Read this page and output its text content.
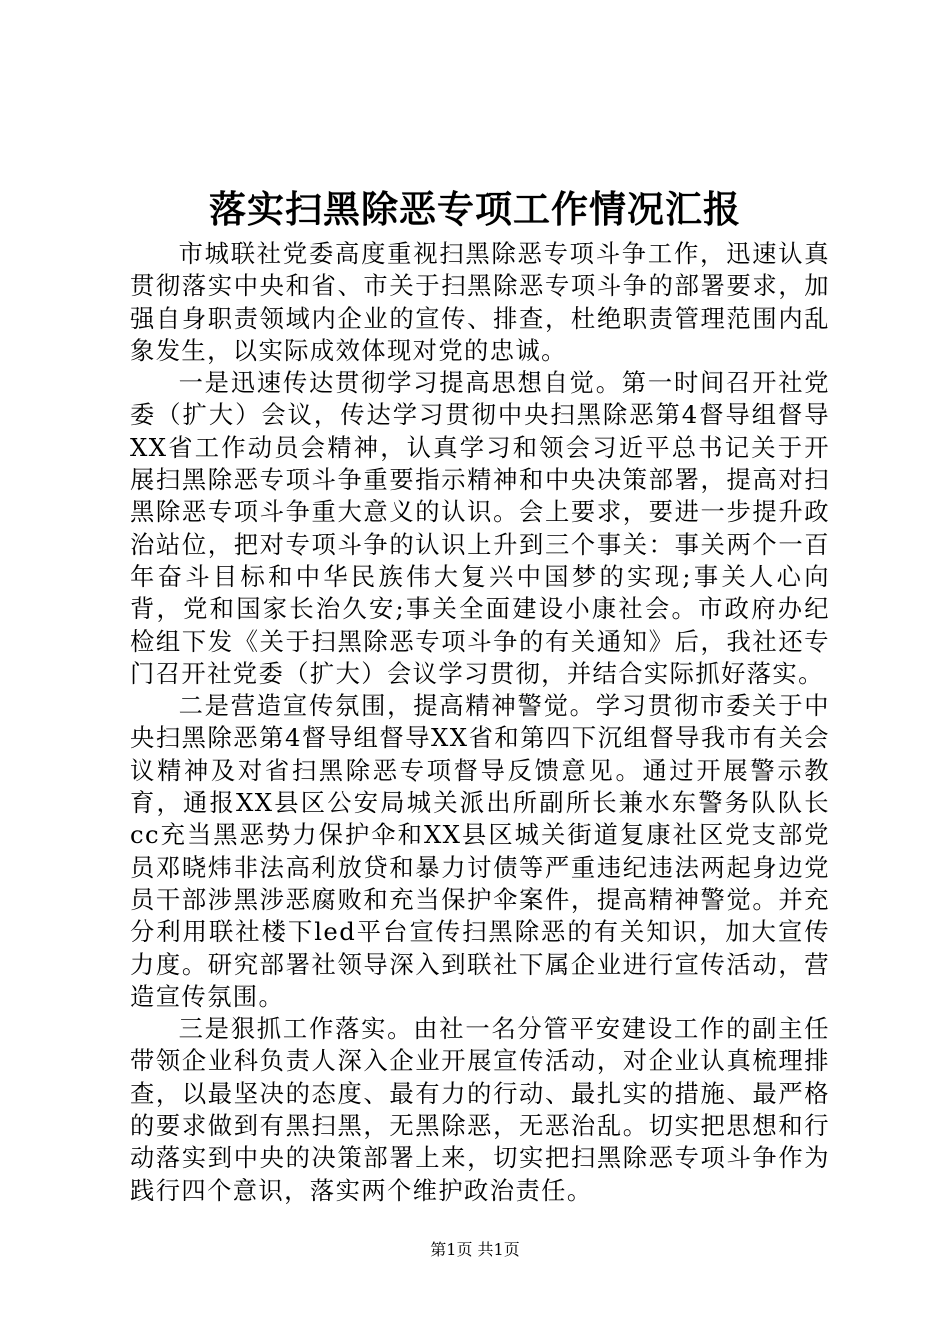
落实扫黑除恶专项工作情况汇报

市城联社党委高度重视扫黑除恶专项斗争工作，迅速认真贯彻落实中央和省、市关于扫黑除恶专项斗争的部署要求，加强自身职责领域内企业的宣传、排查，杜绝职责管理范围内乱象发生，以实际成效体现对党的忠诚。

一是迅速传达贯彻学习提高思想自觉。第一时间召开社党委（扩大）会议，传达学习贯彻中央扫黑除恶第4督导组督导XX省工作动员会精神，认真学习和领会习近平总书记关于开展扫黑除恶专项斗争重要指示精神和中央决策部署，提高对扫黑除恶专项斗争重大意义的认识。会上要求，要进一步提升政治站位，把对专项斗争的认识上升到三个事关：事关两个一百年奋斗目标和中华民族伟大复兴中国梦的实现;事关人心向背，党和国家长治久安;事关全面建设小康社会。市政府办纪检组下发《关于扫黑除恶专项斗争的有关通知》后，我社还专门召开社党委（扩大）会议学习贯彻，并结合实际抓好落实。

二是营造宣传氛围，提高精神警觉。学习贯彻市委关于中央扫黑除恶第4督导组督导XX省和第四下沉组督导我市有关会议精神及对省扫黑除恶专项督导反馈意见。通过开展警示教育，通报XX县区公安局城关派出所副所长兼水东警务队队长cc充当黑恶势力保护伞和XX县区城关街道复康社区党支部党员邓晓炜非法高利放贷和暴力讨债等严重违纪违法两起身边党员干部涉黑涉恶腐败和充当保护伞案件，提高精神警觉。并充分利用联社楼下led平台宣传扫黑除恶的有关知识，加大宣传力度。研究部署社领导深入到联社下属企业进行宣传活动，营造宣传氛围。

三是狠抓工作落实。由社一名分管平安建设工作的副主任带领企业科负责人深入企业开展宣传活动，对企业认真梳理排查，以最坚决的态度、最有力的行动、最扎实的措施、最严格的要求做到有黑扫黑，无黑除恶，无恶治乱。切实把思想和行动落实到中央的决策部署上来，切实把扫黑除恶专项斗争作为践行四个意识，落实两个维护政治责任。

第1页 共1页
